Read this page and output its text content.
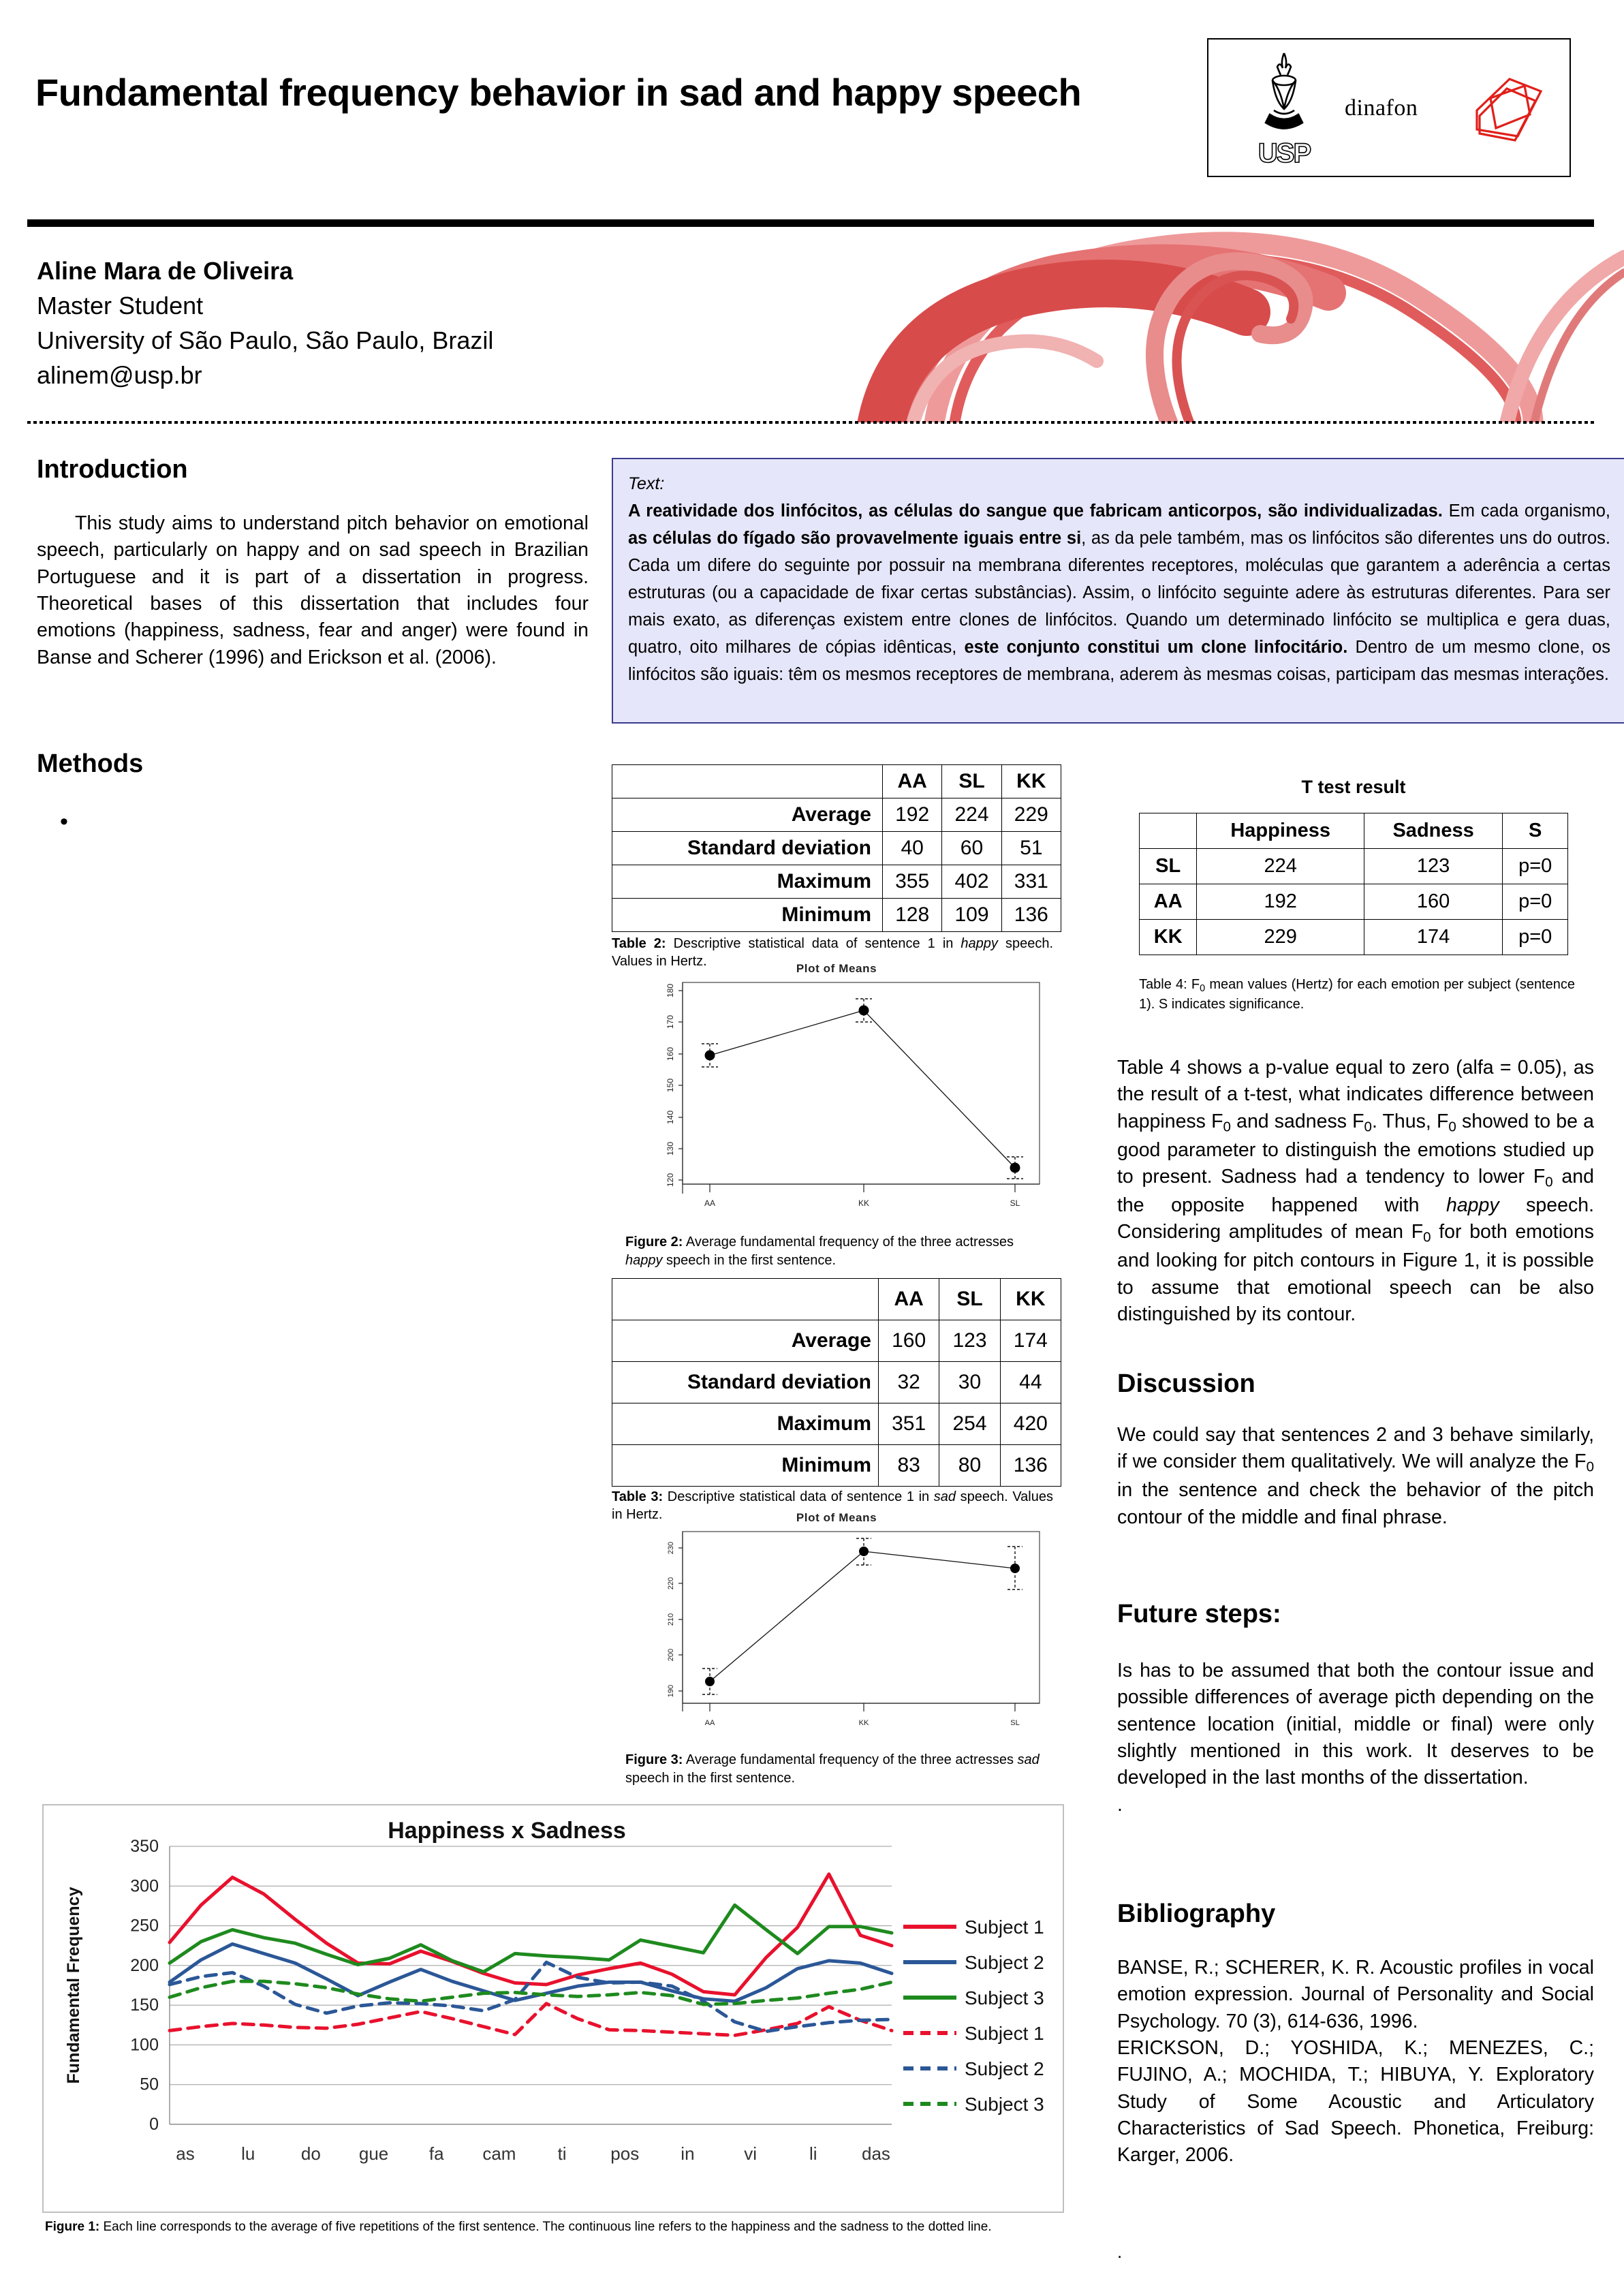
Fundamental frequency behavior in sad and happy speech
USP
dinafon
Aline Mara de Oliveira
Master Student
University of São Paulo, São Paulo, Brazil
alinem@usp.br
Introduction
This study aims to understand pitch behavior on emotional speech, particularly on happy and on sad speech in Brazilian Portuguese and it is part of a dissertation in progress. Theoretical bases of this dissertation that includes four emotions (happiness, sadness, fear and anger) were found in Banse and Scherer (1996) and Erickson et al. (2006).
Methods
•
Text:
A reatividade dos linfócitos, as células do sangue que fabricam anticorpos, são individualizadas. Em cada organismo, as células do fígado são provavelmente iguais entre si, as da pele também, mas os linfócitos são diferentes uns do outros. Cada um difere do seguinte por possuir na membrana diferentes receptores, moléculas que garantem a aderência a certas estruturas (ou a capacidade de fixar certas substâncias). Assim, o linfócito seguinte adere às estruturas diferentes. Para ser mais exato, as diferenças existem entre clones de linfócitos. Quando um determinado linfócito se multiplica e gera duas, quatro, oito milhares de cópias idênticas, este conjunto constitui um clone linfocitário. Dentro de um mesmo clone, os linfócitos são iguais: têm os mesmos receptores de membrana, aderem às mesmas coisas, participam das mesmas interações.
	AA	SL	KK
Average	192	224	229
Standard deviation	40	60	51
Maximum	355	402	331
Minimum	128	109	136
Table 2: Descriptive statistical data of sentence 1 in happy speech. Values in Hertz.	Plot of Means
180
170
160
150
140
130
120
AA	KK	SL
Figure 2: Average fundamental frequency of the three actresses happy speech in the first sentence.
	AA	SL	KK
Average	160	123	174
Standard deviation	32	30	44
Maximum	351	254	420
Minimum	83	80	136
Table 3: Descriptive statistical data of sentence 1 in sad speech. Values in Hertz.	Plot of Means
230
220
210
200
190
AA	KK	SL
Figure 3: Average fundamental frequency of the three actresses sad speech in the first sentence.
T test result
	Happiness	Sadness	S
SL	224	123	p=0
AA	192	160	p=0
KK	229	174	p=0
Table 4: $F_0$ mean values (Hertz) for each emotion per subject (sentence 1). S indicates significance.
Table 4 shows a p-value equal to zero (alfa = 0.05), as the result of a t-test, what indicates difference between happiness $F_0$ and sadness $F_0$. Thus, $F_0$ showed to be a good parameter to distinguish the emotions studied up to present. Sadness had a tendency to lower $F_0$ and the opposite happened with happy speech. Considering amplitudes of mean $F_0$ for both emotions and looking for pitch contours in Figure 1, it is possible to assume that emotional speech can be also distinguished by its contour.
Discussion
We could say that sentences 2 and 3 behave similarly, if we consider them qualitatively. We will analyze the $F_0$ in the sentence and check the behavior of the pitch contour of the middle and final phrase.
Future steps:
Is has to be assumed that both the contour issue and possible differences of average picth depending on the sentence location (initial, middle or final) were only slightly mentioned in this work. It deserves to be developed in the last months of the dissertation.
.
Bibliography
BANSE, R.; SCHERER, K. R. Acoustic profiles in vocal emotion expression. Journal of Personality and Social Psychology. 70 (3), 614-636, 1996.
ERICKSON, D.; YOSHIDA, K.; MENEZES, C.; FUJINO, A.; MOCHIDA, T.; HIBUYA, Y. Exploratory Study of Some Acoustic and Articulatory Characteristics of Sad Speech. Phonetica, Freiburg: Karger, 2006.
.
Happiness x Sadness
0
50
100
150
200
250
300
350
Fundamental Frequency
as	lu	do gue fa cam ti pos in	vi	li	das
Subject 1
Subject 2
Subject 3
Subject 1
Subject 2
Subject 3
Figure 1: Each line corresponds to the average of five repetitions of the first sentence. The continuous line refers to the happiness and the sadness to the dotted line.
